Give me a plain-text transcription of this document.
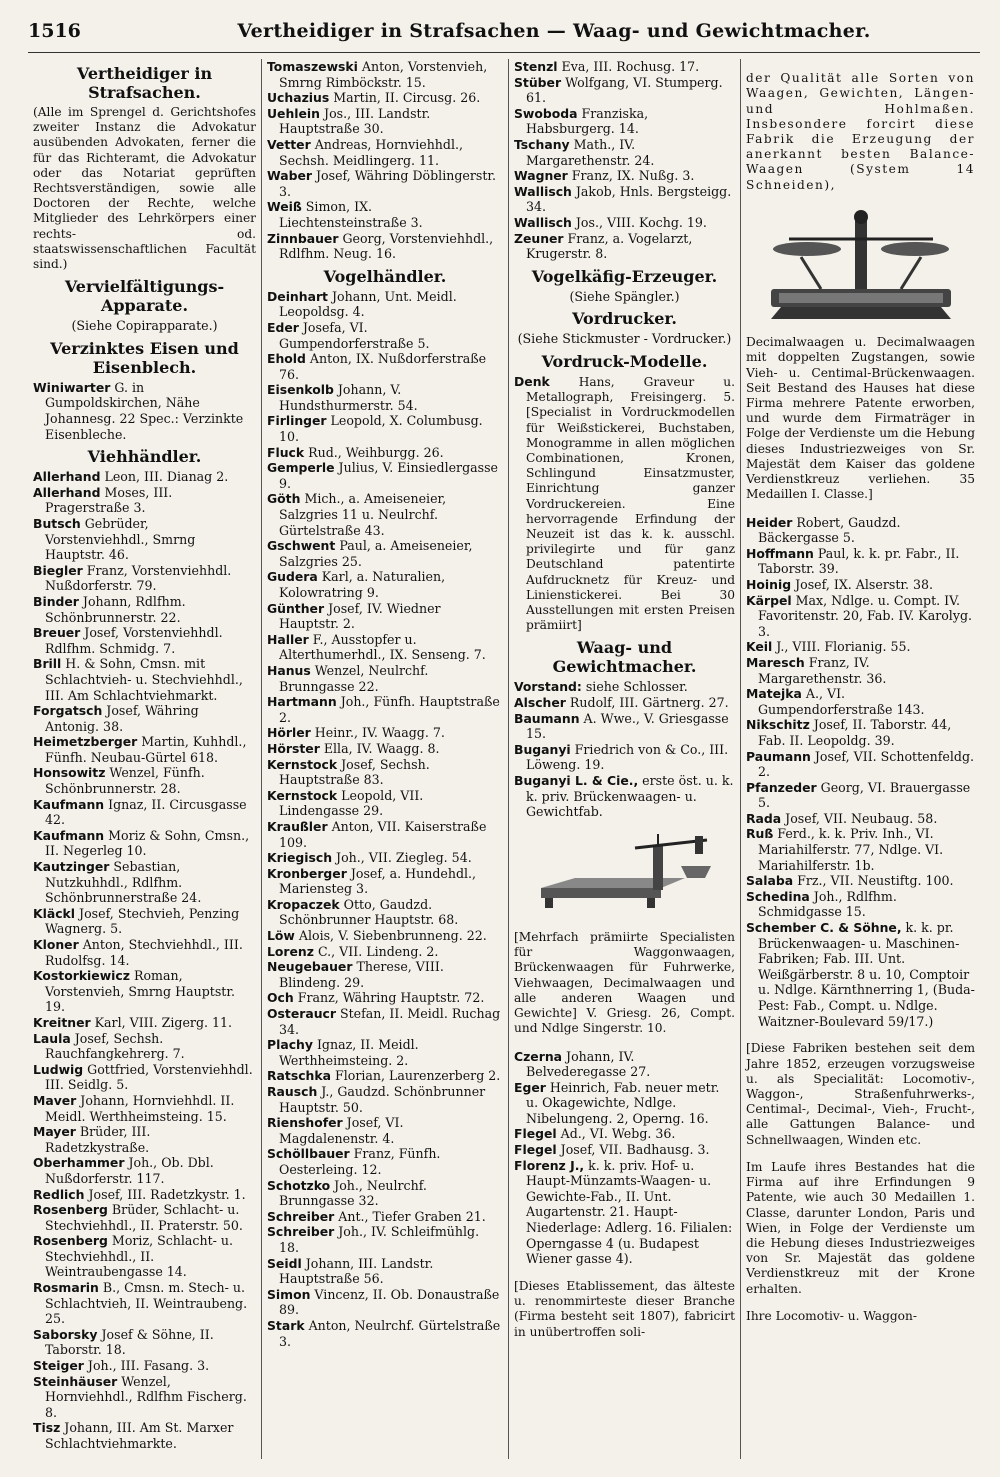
1516	Vertheidiger in Strafsachen — Waag- und Gewichtmacher.
Vertheidiger in Strafsachen.

(Alle im Sprengel d. Gerichtshofes zweiter Instanz die Advokatur ausübenden Advokaten, ferner die für das Richteramt, die Advokatur oder das Notariat geprüften Rechtsverständigen, sowie alle Doctoren der Rechte, welche Mitglieder des Lehrkörpers einer rechts- od. staatswissenschaftlichen Facultät sind.)

Vervielfältigungs-Apparate.

(Siehe Copirapparate.)

Verzinktes Eisen und Eisenblech.

Winiwarter G. in Gumpoldskirchen, Nähe Johannesg. 22 Spec.: Verzinkte Eisenbleche.

Viehhändler.

Allerhand Leon, III. Dianag 2.

Allerhand Moses, III. Pragerstraße 3.

Butsch Gebrüder, Vorstenviehhdl., Smrng Hauptstr. 46.

Biegler Franz, Vorstenviehhdl. Nußdorferstr. 79.

Binder Johann, Rdlfhm. Schönbrunnerstr. 22.

Breuer Josef, Vorstenviehhdl. Rdlfhm. Schmidg. 7.

Brill H. & Sohn, Cmsn. mit Schlachtvieh- u. Stechviehhdl., III. Am Schlachtviehmarkt.

Forgatsch Josef, Währing Antonig. 38.

Heimetzberger Martin, Kuhhdl., Fünfh. Neubau-Gürtel 618.

Honsowitz Wenzel, Fünfh. Schönbrunnerstr. 28.

Kaufmann Ignaz, II. Circusgasse 42.

Kaufmann Moriz & Sohn, Cmsn., II. Negerleg 10.

Kautzinger Sebastian, Nutzkuhhdl., Rdlfhm. Schönbrunnerstraße 24.

Kläckl Josef, Stechvieh, Penzing Wagnerg. 5.

Kloner Anton, Stechviehhdl., III. Rudolfsg. 14.

Kostorkiewicz Roman, Vorstenvieh, Smrng Hauptstr. 19.

Kreitner Karl, VIII. Zigerg. 11.

Laula Josef, Sechsh. Rauchfangkehrerg. 7.

Ludwig Gottfried, Vorstenviehhdl. III. Seidlg. 5.

Maver Johann, Hornviehhdl. II. Meidl. Werthheimsteing. 15.

Mayer Brüder, III. Radetzkystraße.

Oberhammer Joh., Ob. Dbl. Nußdorferstr. 117.

Redlich Josef, III. Radetzkystr. 1.

Rosenberg Brüder, Schlacht- u. Stechviehhdl., II. Praterstr. 50.

Rosenberg Moriz, Schlacht- u. Stechviehhdl., II. Weintraubengasse 14.

Rosmarin B., Cmsn. m. Stech- u. Schlachtvieh, II. Weintraubeng. 25.

Saborsky Josef & Söhne, II. Taborstr. 18.

Steiger Joh., III. Fasang. 3.

Steinhäuser Wenzel, Hornviehhdl., Rdlfhm Fischerg. 8.

Tisz Johann, III. Am St. Marxer Schlachtviehmarkte.

Tomaszewski Anton, Vorstenvieh, Smrng Rimböckstr. 15.

Uchazius Martin, II. Circusg. 26.

Uehlein Jos., III. Landstr. Hauptstraße 30.

Vetter Andreas, Hornviehhdl., Sechsh. Meidlingerg. 11.

Waber Josef, Währing Döblingerstr. 3.

Weiß Simon, IX. Liechtensteinstraße 3.

Zinnbauer Georg, Vorstenviehhdl., Rdlfhm. Neug. 16.

Vogelhändler.

Deinhart Johann, Unt. Meidl. Leopoldsg. 4.

Eder Josefa, VI. Gumpendorferstraße 5.

Ehold Anton, IX. Nußdorferstraße 76.

Eisenkolb Johann, V. Hundsthurmerstr. 54.

Firlinger Leopold, X. Columbusg. 10.

Fluck Rud., Weihburgg. 26.

Gemperle Julius, V. Einsiedlergasse 9.

Göth Mich., a. Ameiseneier, Salzgries 11 u. Neulrchf. Gürtelstraße 43.

Gschwent Paul, a. Ameiseneier, Salzgries 25.

Gudera Karl, a. Naturalien, Kolowratring 9.

Günther Josef, IV. Wiedner Hauptstr. 2.

Haller F., Ausstopfer u. Alterthumerhdl., IX. Senseng. 7.

Hanus Wenzel, Neulrchf. Brunngasse 22.

Hartmann Joh., Fünfh. Hauptstraße 2.

Hörler Heinr., IV. Waagg. 7.

Hörster Ella, IV. Waagg. 8.

Kernstock Josef, Sechsh. Hauptstraße 83.

Kernstock Leopold, VII. Lindengasse 29.

Kraußler Anton, VII. Kaiserstraße 109.

Kriegisch Joh., VII. Ziegleg. 54.

Kronberger Josef, a. Hundehdl., Mariensteg 3.

Kropaczek Otto, Gaudzd. Schönbrunner Hauptstr. 68.

Löw Alois, V. Siebenbrunneng. 22.

Lorenz C., VII. Lindeng. 2.

Neugebauer Therese, VIII. Blindeng. 29.

Och Franz, Währing Hauptstr. 72.

Osteraucr Stefan, II. Meidl. Ruchag 34.

Plachy Ignaz, II. Meidl. Werthheimsteing. 2.

Ratschka Florian, Laurenzerberg 2.

Rausch J., Gaudzd. Schönbrunner Hauptstr. 50.

Rienshofer Josef, VI. Magdalenenstr. 4.

Schöllbauer Franz, Fünfh. Oesterleing. 12.

Schotzko Joh., Neulrchf. Brunngasse 32.

Schreiber Ant., Tiefer Graben 21.

Schreiber Joh., IV. Schleifmühlg. 18.

Seidl Johann, III. Landstr. Hauptstraße 56.

Simon Vincenz, II. Ob. Donaustraße 89.

Stark Anton, Neulrchf. Gürtelstraße 3.

Stenzl Eva, III. Rochusg. 17.

Stüber Wolfgang, VI. Stumperg. 61.

Swoboda Franziska, Habsburgerg. 14.

Tschany Math., IV. Margarethenstr. 24.

Wagner Franz, IX. Nußg. 3.

Wallisch Jakob, Hnls. Bergsteigg. 34.

Wallisch Jos., VIII. Kochg. 19.

Zeuner Franz, a. Vogelarzt, Krugerstr. 8.

Vogelkäfig-Erzeuger.

(Siehe Spängler.)

Vordrucker.

(Siehe Stickmuster - Vordrucker.)

Vordruck-Modelle.

Denk Hans, Graveur u. Metallograph, Freisingerg. 5. [Specialist in Vordruckmodellen für Weißstickerei, Buchstaben, Monogramme in allen möglichen Combinationen, Kronen, Schlingund Einsatzmuster, Einrichtung ganzer Vordruckereien. Eine hervorragende Erfindung der Neuzeit ist das k. k. ausschl. privilegirte und für ganz Deutschland patentirte Aufdrucknetz für Kreuz- und Linienstickerei. Bei 30 Ausstellungen mit ersten Preisen prämiirt]

Waag- und Gewichtmacher.

Vorstand: siehe Schlosser.

Alscher Rudolf, III. Gärtnerg. 27.

Baumann A. Wwe., V. Griesgasse 15.

Buganyi Friedrich von & Co., III. Löweng. 19.

Buganyi L. & Cie., erste öst. u. k. k. priv. Brückenwaagen- u. Gewichtfab.

[Mehrfach prämiirte Specialisten für Waggonwaagen, Brückenwaagen für Fuhrwerke, Viehwaagen, Decimalwaagen und alle anderen Waagen und Gewichte] V. Griesg. 26, Compt. und Ndlge Singerstr. 10.

Czerna Johann, IV. Belvederegasse 27.

Eger Heinrich, Fab. neuer metr. u. Okagewichte, Ndlge. Nibelungeng. 2, Operng. 16.

Flegel Ad., VI. Webg. 36.

Flegel Josef, VII. Badhausg. 3.

Florenz J., k. k. priv. Hof- u. Haupt-Münzamts-Waagen- u. Gewichte-Fab., II. Unt. Augartenstr. 21. Haupt-Niederlage: Adlerg. 16. Filialen: Operngasse 4 (u. Budapest Wiener gasse 4).

[Dieses Etablissement, das älteste u. renommirteste dieser Branche (Firma besteht seit 1807), fabricirt in unübertroffen soli-

der Qualität alle Sorten von Waagen, Gewichten, Längen- und Hohlmaßen. Insbesondere forcirt diese Fabrik die Erzeugung der anerkannt besten Balance-Waagen (System 14 Schneiden),

Decimalwaagen u. Decimalwaagen mit doppelten Zugstangen, sowie Vieh- u. Centimal-Brückenwaagen. Seit Bestand des Hauses hat diese Firma mehrere Patente erworben, und wurde dem Firmaträger in Folge der Verdienste um die Hebung dieses Industriezweiges von Sr. Majestät dem Kaiser das goldene Verdienstkreuz verliehen. 35 Medaillen I. Classe.]

Heider Robert, Gaudzd. Bäckergasse 5.

Hoffmann Paul, k. k. pr. Fabr., II. Taborstr. 39.

Hoinig Josef, IX. Alserstr. 38.

Kärpel Max, Ndlge. u. Compt. IV. Favoritenstr. 20, Fab. IV. Karolyg. 3.

Keil J., VIII. Florianig. 55.

Maresch Franz, IV. Margarethenstr. 36.

Matejka A., VI. Gumpendorferstraße 143.

Nikschitz Josef, II. Taborstr. 44, Fab. II. Leopoldg. 39.

Paumann Josef, VII. Schottenfeldg. 2.

Pfanzeder Georg, VI. Brauergasse 5.

Rada Josef, VII. Neubaug. 58.

Ruß Ferd., k. k. Priv. Inh., VI. Mariahilferstr. 77, Ndlge. VI. Mariahilferstr. 1b.

Salaba Frz., VII. Neustiftg. 100.

Schedina Joh., Rdlfhm. Schmidgasse 15.

Schember C. & Söhne, k. k. pr. Brückenwaagen- u. Maschinen-Fabriken; Fab. III. Unt. Weißgärberstr. 8 u. 10, Comptoir u. Ndlge. Kärnthnerring 1, (Buda-Pest: Fab., Compt. u. Ndlge. Waitzner-Boulevard 59/17.)

[Diese Fabriken bestehen seit dem Jahre 1852, erzeugen vorzugsweise u. als Specialität: Locomotiv-, Waggon-, Straßenfuhrwerks-, Centimal-, Decimal-, Vieh-, Frucht-, alle Gattungen Balance- und Schnellwaagen, Winden etc.

Im Laufe ihres Bestandes hat die Firma auf ihre Erfindungen 9 Patente, wie auch 30 Medaillen 1. Classe, darunter London, Paris und Wien, in Folge der Verdienste um die Hebung dieses Industriezweiges von Sr. Majestät das goldene Verdienstkreuz mit der Krone erhalten.

Ihre Locomotiv- u. Waggon-
